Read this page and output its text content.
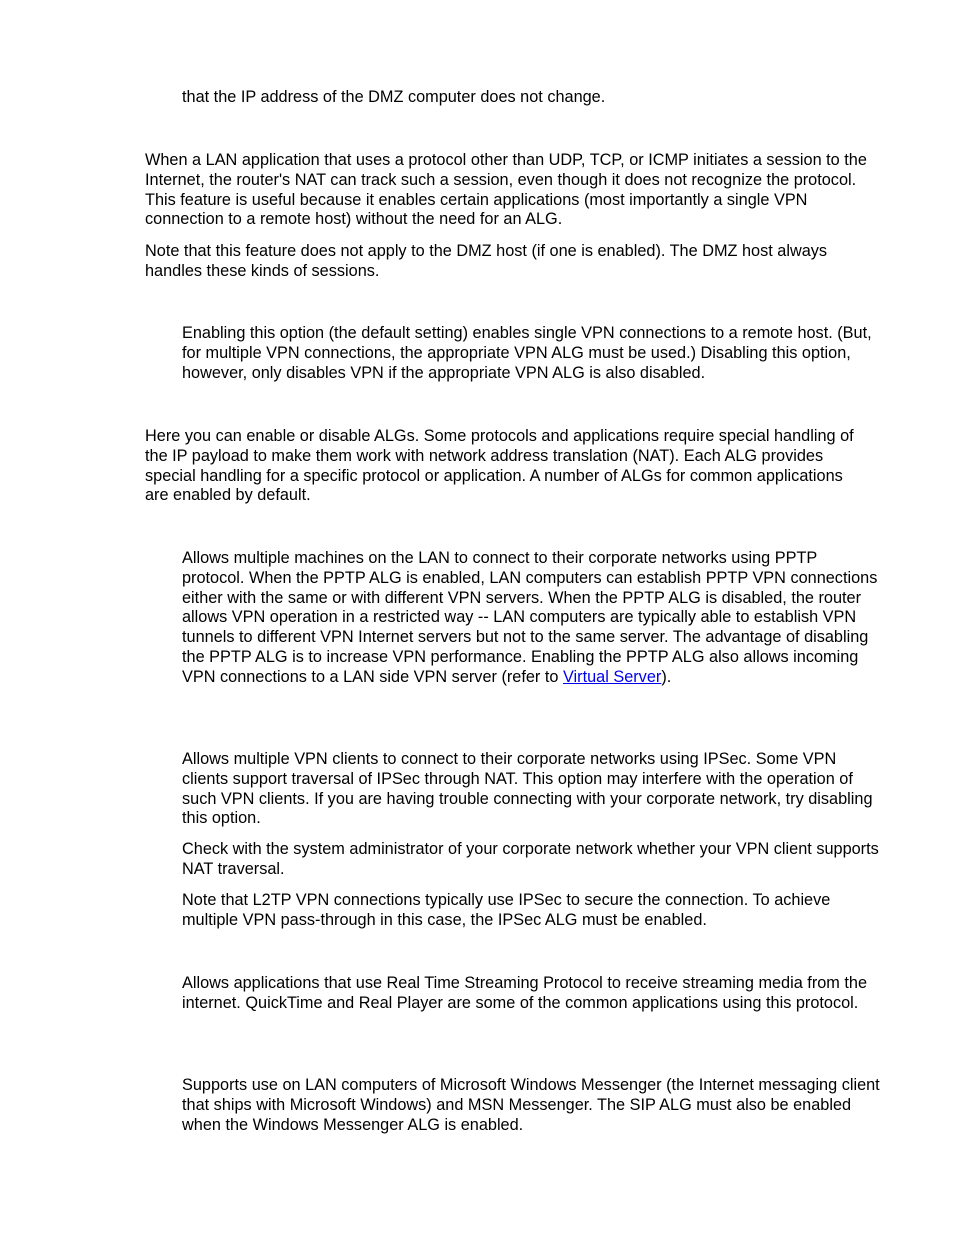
that the IP address of the DMZ computer does not change.

When a LAN application that uses a protocol other than UDP, TCP, or ICMP initiates a session to the Internet, the router's NAT can track such a session, even though it does not recognize the protocol. This feature is useful because it enables certain applications (most importantly a single VPN connection to a remote host) without the need for an ALG.

Note that this feature does not apply to the DMZ host (if one is enabled). The DMZ host always handles these kinds of sessions.

Enabling this option (the default setting) enables single VPN connections to a remote host. (But, for multiple VPN connections, the appropriate VPN ALG must be used.) Disabling this option, however, only disables VPN if the appropriate VPN ALG is also disabled.

Here you can enable or disable ALGs. Some protocols and applications require special handling of the IP payload to make them work with network address translation (NAT). Each ALG provides special handling for a specific protocol or application. A number of ALGs for common applications are enabled by default.

Allows multiple machines on the LAN to connect to their corporate networks using PPTP protocol. When the PPTP ALG is enabled, LAN computers can establish PPTP VPN connections either with the same or with different VPN servers. When the PPTP ALG is disabled, the router allows VPN operation in a restricted way -- LAN computers are typically able to establish VPN tunnels to different VPN Internet servers but not to the same server. The advantage of disabling the PPTP ALG is to increase VPN performance. Enabling the PPTP ALG also allows incoming VPN connections to a LAN side VPN server (refer to Virtual Server).

Allows multiple VPN clients to connect to their corporate networks using IPSec. Some VPN clients support traversal of IPSec through NAT. This option may interfere with the operation of such VPN clients. If you are having trouble connecting with your corporate network, try disabling this option.

Check with the system administrator of your corporate network whether your VPN client supports NAT traversal.

Note that L2TP VPN connections typically use IPSec to secure the connection. To achieve multiple VPN pass-through in this case, the IPSec ALG must be enabled.

Allows applications that use Real Time Streaming Protocol to receive streaming media from the internet. QuickTime and Real Player are some of the common applications using this protocol.

Supports use on LAN computers of Microsoft Windows Messenger (the Internet messaging client that ships with Microsoft Windows) and MSN Messenger. The SIP ALG must also be enabled when the Windows Messenger ALG is enabled.
